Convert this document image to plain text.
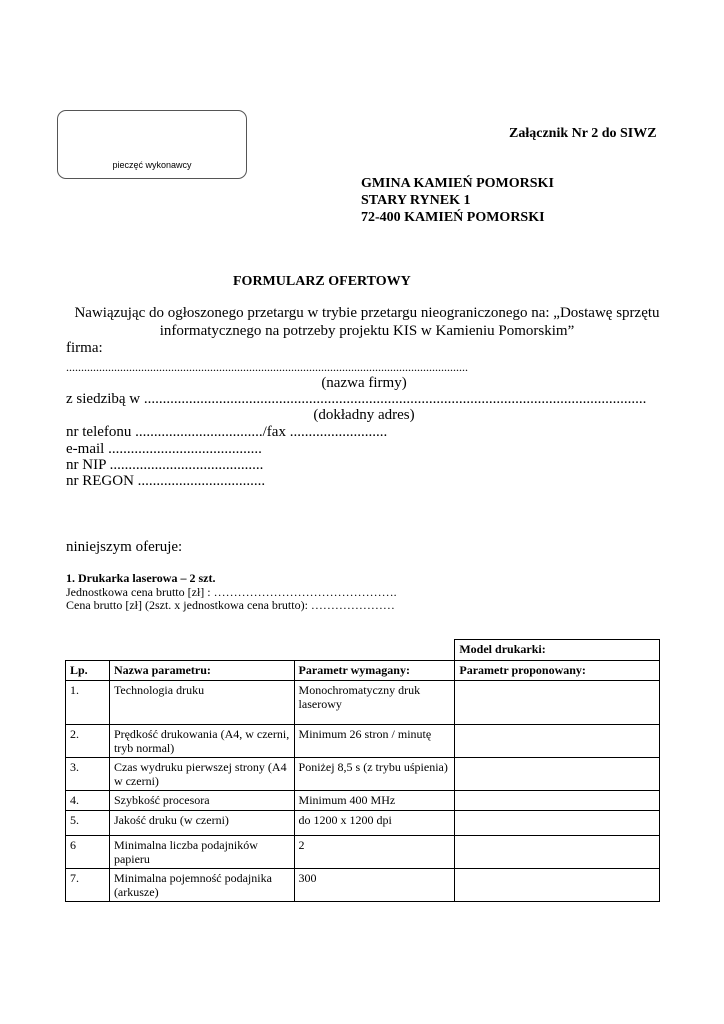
pieczęć wykonawcy
Załącznik Nr 2 do SIWZ
GMINA KAMIEŃ POMORSKI
STARY RYNEK 1
72-400 KAMIEŃ POMORSKI
FORMULARZ OFERTOWY
Nawiązując do ogłoszonego przetargu w trybie przetargu nieograniczonego na: „Dostawę sprzętu
informatycznego na potrzeby projektu KIS w Kamieniu Pomorskim”
firma:
......................................................................................................................................
(nazwa firmy)
z siedzibą w ......................................................................................................................................
(dokładny adres)
nr telefonu ................................../fax ..........................
e-mail .........................................
nr NIP .........................................
nr REGON ..................................
niniejszym oferuje:
1. Drukarka laserowa – 2 szt.
Jednostkowa cena brutto [zł] : ……………………………………….
Cena brutto [zł] (2szt. x jednostkowa cena brutto): …………………
			Model drukarki:
Lp.	Nazwa parametru:	Parametr wymagany:	Parametr proponowany:
1.	Technologia druku	Monochromatyczny druk laserowy	
2.	Prędkość drukowania (A4, w czerni, tryb normal)	Minimum 26 stron / minutę	
3.	Czas wydruku pierwszej strony (A4 w czerni)	Poniżej 8,5 s (z trybu uśpienia)	
4.	Szybkość procesora	Minimum 400 MHz	
5.	Jakość druku (w czerni)	do 1200 x 1200 dpi	
6	Minimalna liczba podajników papieru	2	
7.	Minimalna pojemność podajnika (arkusze)	300	
